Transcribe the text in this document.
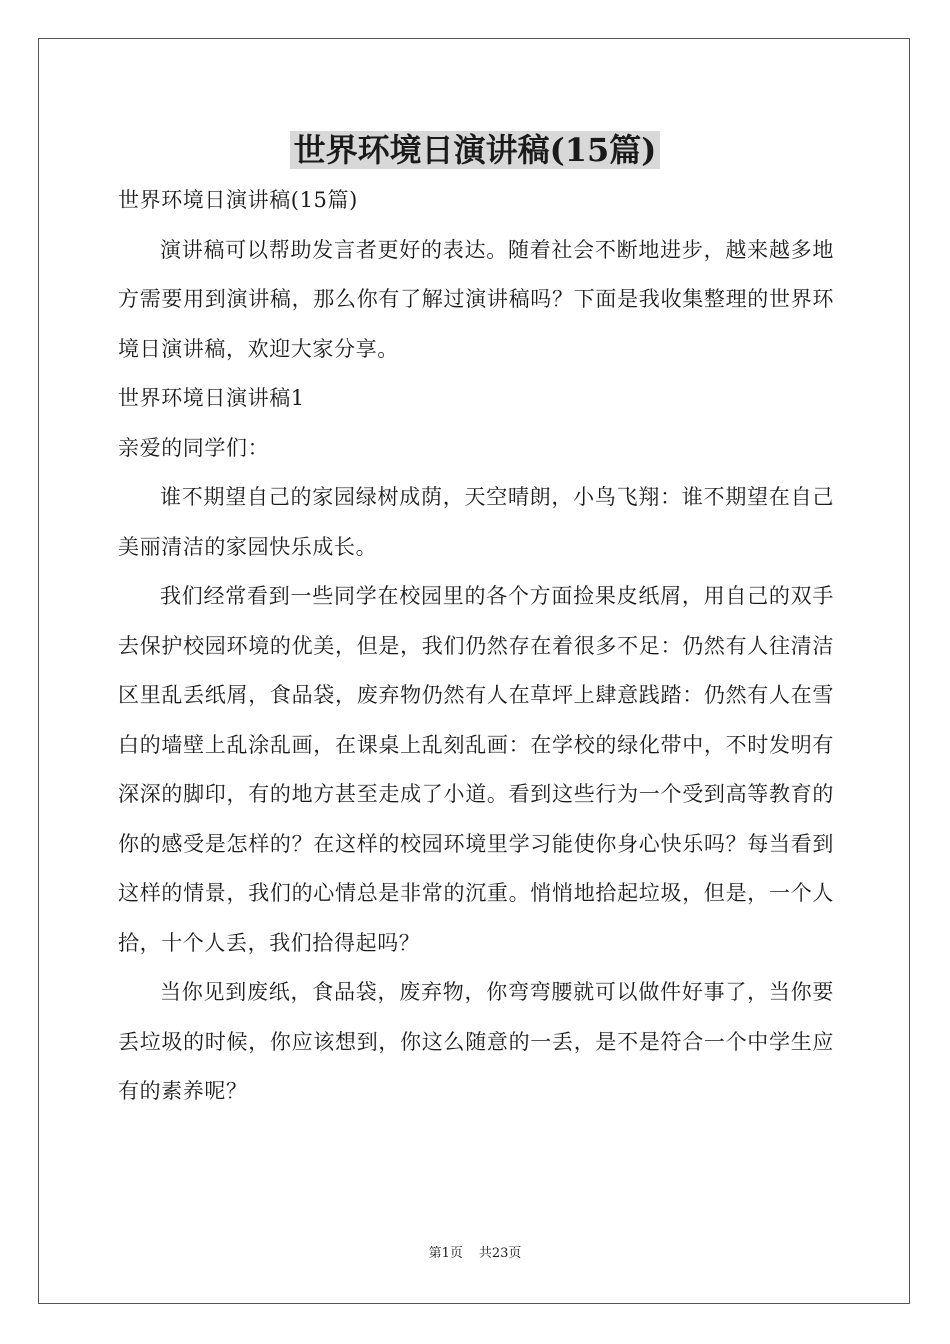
世界环境日演讲稿(15篇)

世界环境日演讲稿(15篇)

演讲稿可以帮助发言者更好的表达。随着社会不断地进步，越来越多地方需要用到演讲稿，那么你有了解过演讲稿吗？下面是我收集整理的世界环境日演讲稿，欢迎大家分享。

世界环境日演讲稿1

亲爱的同学们：

谁不期望自己的家园绿树成荫，天空晴朗，小鸟飞翔：谁不期望在自己美丽清洁的家园快乐成长。

我们经常看到一些同学在校园里的各个方面捡果皮纸屑，用自己的双手去保护校园环境的优美，但是，我们仍然存在着很多不足：仍然有人往清洁区里乱丢纸屑，食品袋，废弃物仍然有人在草坪上肆意践踏：仍然有人在雪白的墙壁上乱涂乱画，在课桌上乱刻乱画：在学校的绿化带中，不时发明有深深的脚印，有的地方甚至走成了小道。看到这些行为一个受到高等教育的你的感受是怎样的？在这样的校园环境里学习能使你身心快乐吗？每当看到这样的情景，我们的心情总是非常的沉重。悄悄地拾起垃圾，但是，一个人拾，十个人丢，我们拾得起吗？

当你见到废纸，食品袋，废弃物，你弯弯腰就可以做件好事了，当你要丢垃圾的时候，你应该想到，你这么随意的一丢，是不是符合一个中学生应有的素养呢？

第1页 共23页
